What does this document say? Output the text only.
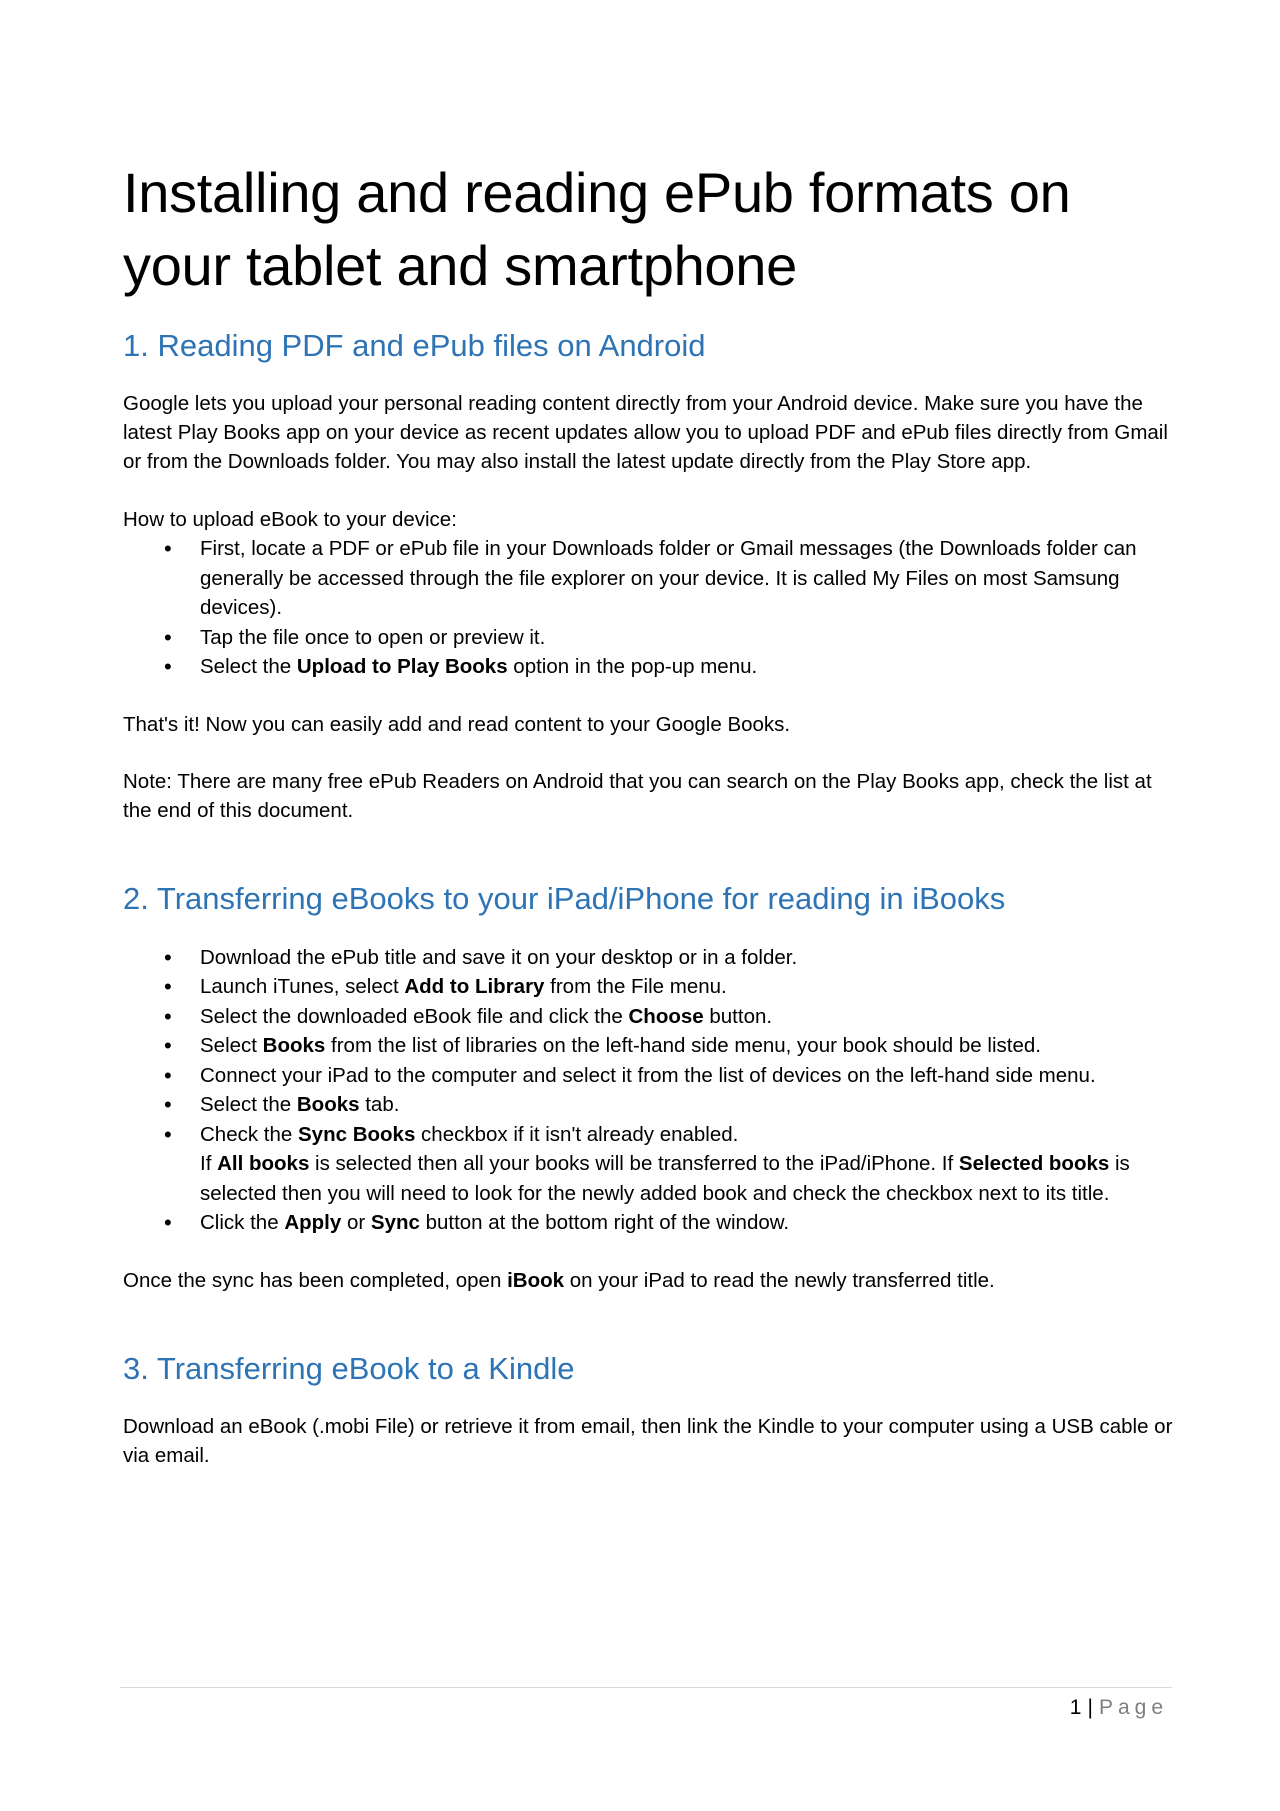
Installing and reading ePub formats on your tablet and smartphone
1. Reading PDF and ePub files on Android

Google lets you upload your personal reading content directly from your Android device. Make sure you have the latest Play Books app on your device as recent updates allow you to upload PDF and ePub files directly from Gmail or from the Downloads folder. You may also install the latest update directly from the Play Store app.

How to upload eBook to your device:

• First, locate a PDF or ePub file in your Downloads folder or Gmail messages (the Downloads folder can generally be accessed through the file explorer on your device. It is called My Files on most Samsung devices).
• Tap the file once to open or preview it.
• Select the Upload to Play Books option in the pop-up menu.

That's it! Now you can easily add and read content to your Google Books.

Note: There are many free ePub Readers on Android that you can search on the Play Books app, check the list at the end of this document.

2. Transferring eBooks to your iPad/iPhone for reading in iBooks
• Download the ePub title and save it on your desktop or in a folder.
• Launch iTunes, select Add to Library from the File menu.
• Select the downloaded eBook file and click the Choose button.
• Select Books from the list of libraries on the left-hand side menu, your book should be listed.
• Connect your iPad to the computer and select it from the list of devices on the left-hand side menu.
• Select the Books tab.
• Check the Sync Books checkbox if it isn't already enabled.
If All books is selected then all your books will be transferred to the iPad/iPhone. If Selected books is selected then you will need to look for the newly added book and check the checkbox next to its title.
• Click the Apply or Sync button at the bottom right of the window.

Once the sync has been completed, open iBook on your iPad to read the newly transferred title.

3. Transferring eBook to a Kindle

Download an eBook (.mobi File) or retrieve it from email, then link the Kindle to your computer using a USB cable or via email.

1 | Page
